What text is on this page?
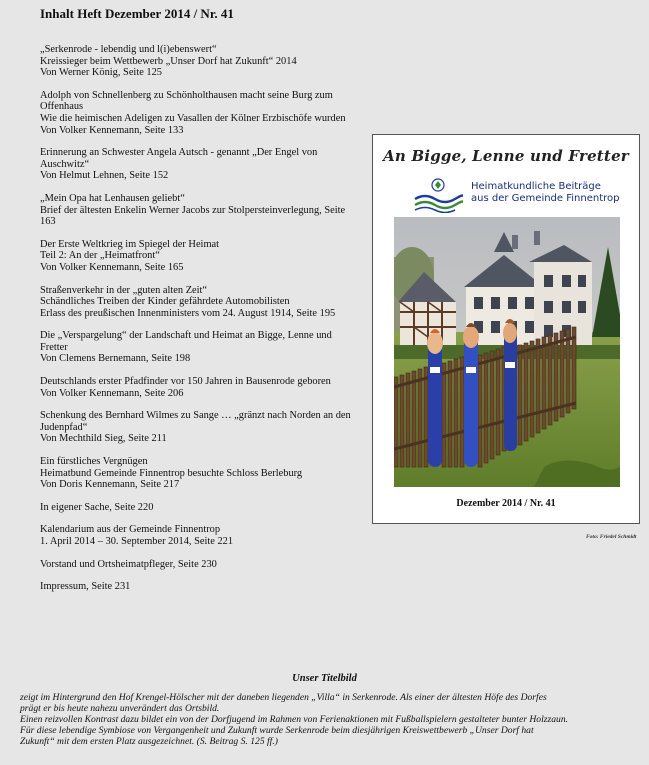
Inhalt Heft Dezember 2014 / Nr. 41
„Serkenrode - lebendig und l(i)ebenswert“
Kreissieger beim Wettbewerb „Unser Dorf hat Zukunft“ 2014
Von Werner König, Seite 125
Adolph von Schnellenberg zu Schönholthausen macht seine Burg zum Offenhaus
Wie die heimischen Adeligen zu Vasallen der Kölner Erzbischöfe wurden
Von Volker Kennemann, Seite 133
Erinnerung an Schwester Angela Autsch - genannt „Der Engel von Auschwitz“
Von Helmut Lehnen, Seite 152
„Mein Opa hat Lenhausen geliebt“
Brief der ältesten Enkelin Werner Jacobs zur Stolpersteinverlegung, Seite 163
Der Erste Weltkrieg im Spiegel der Heimat
Teil 2: An der „Heimatfront“
Von Volker Kennemann, Seite 165
Straßenverkehr in der „guten alten Zeit“
Schändliches Treiben der Kinder gefährdete Automobilisten
Erlass des preußischen Innenministers vom 24. August 1914, Seite 195
Die „Verspargelung“ der Landschaft und Heimat an Bigge, Lenne und Fretter
Von Clemens Bernemann, Seite 198
Deutschlands erster Pfadfinder vor 150 Jahren in Bausenrode geboren
Von Volker Kennemann, Seite 206
Schenkung des Bernhard Wilmes zu Sange … „gränzt nach Norden an den Judenpfad“
Von Mechthild Sieg, Seite 211
Ein fürstliches Vergnügen
Heimatbund Gemeinde Finnentrop besuchte Schloss Berleburg
Von Doris Kennemann, Seite 217
In eigener Sache, Seite 220
Kalendarium aus der Gemeinde Finnentrop
1. April 2014 – 30. September 2014, Seite 221
Vorstand und Ortsheimatpfleger, Seite 230
Impressum, Seite 231
An Bigge, Lenne und Fretter
Heimatkundliche Beiträge
aus der Gemeinde Finnentrop
Dezember 2014 / Nr. 41
Foto: Friedel Schmidt
Unser Titelbild
zeigt im Hintergrund den Hof Krengel-Hölscher mit der daneben liegenden „Villa“ in Serkenrode. Als einer der ältesten Höfe des Dorfes
prägt er bis heute nahezu unverändert das Ortsbild.
Einen reizvollen Kontrast dazu bildet ein von der Dorfjugend im Rahmen von Ferienaktionen mit Fußballspielern gestalteter bunter Holzzaun.
Für diese lebendige Symbiose von Vergangenheit und Zukunft wurde Serkenrode beim diesjährigen Kreiswettbewerb „Unser Dorf hat
Zukunft“ mit dem ersten Platz ausgezeichnet. (S. Beitrag S. 125 ff.)
